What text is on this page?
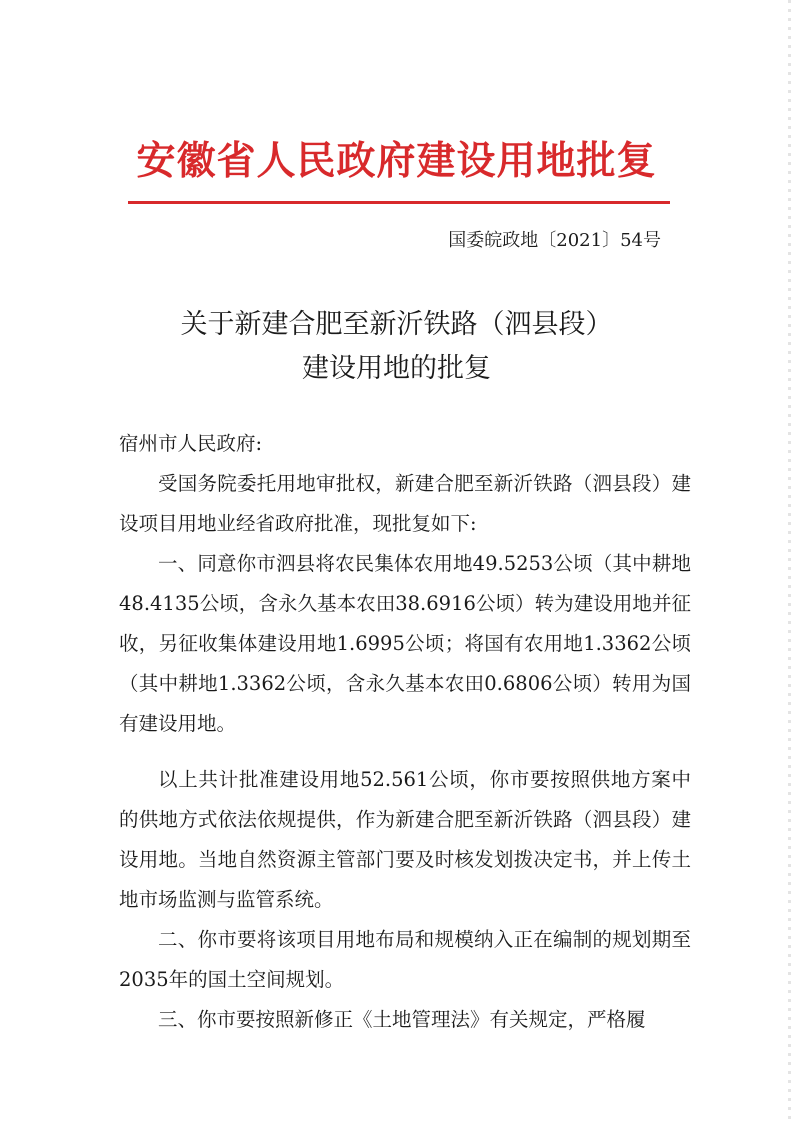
安徽省人民政府建设用地批复
国委皖政地〔2021〕54号
关于新建合肥至新沂铁路（泗县段）
建设用地的批复

宿州市人民政府:

受国务院委托用地审批权，新建合肥至新沂铁路（泗县段）建设项目用地业经省政府批准，现批复如下:

一、同意你市泗县将农民集体农用地49.5253公顷（其中耕地48.4135公顷，含永久基本农田38.6916公顷）转为建设用地并征收，另征收集体建设用地1.6995公顷；将国有农用地1.3362公顷（其中耕地1.3362公顷，含永久基本农田0.6806公顷）转用为国有建设用地。

以上共计批准建设用地52.561公顷，你市要按照供地方案中的供地方式依法依规提供，作为新建合肥至新沂铁路（泗县段）建设用地。当地自然资源主管部门要及时核发划拨决定书，并上传土地市场监测与监管系统。

二、你市要将该项目用地布局和规模纳入正在编制的规划期至2035年的国土空间规划。

三、你市要按照新修正《土地管理法》有关规定，严格履
